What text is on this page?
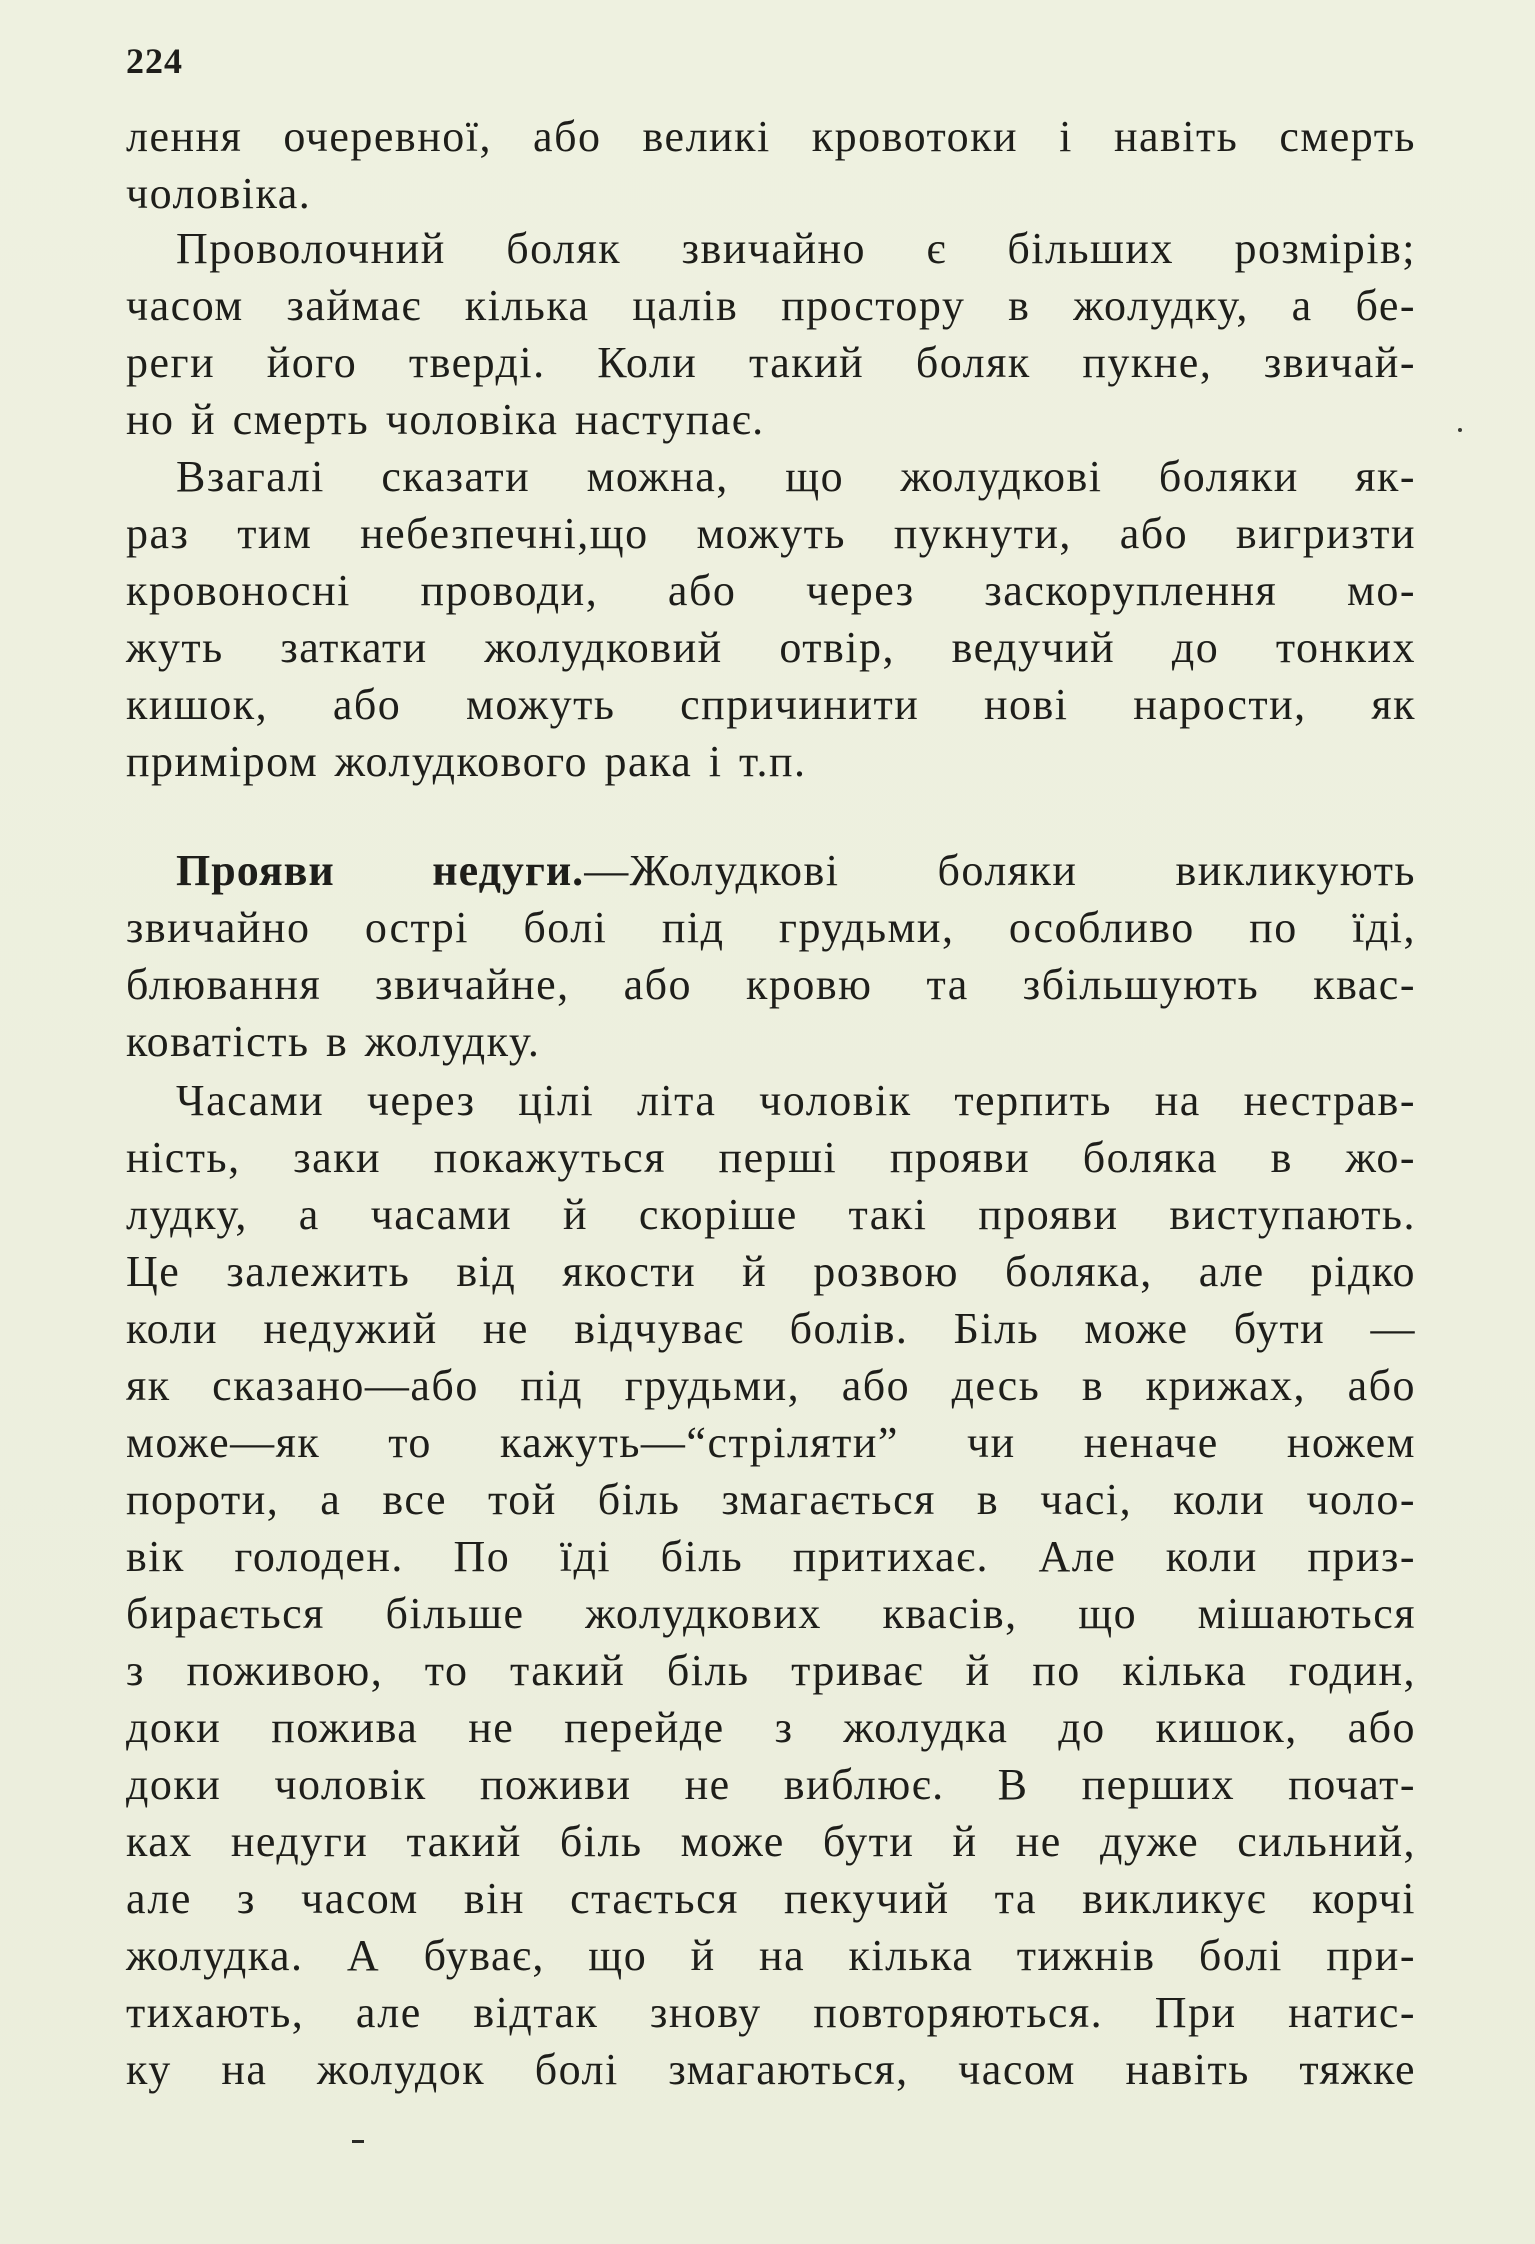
224

лення очеревної, або великі кровотоки і навіть смерть
чоловіка.
Проволочний боляк звичайно є більших розмірів;
часом займає кілька цалів простору в жолудку, а бе-
реги його тверді. Коли такий боляк пукне, звичай-
но й смерть чоловіка наступає.
Взагалі сказати можна, що жолудкові боляки як-
раз тим небезпечні,що можуть пукнути, або вигризти
кровоносні проводи, або через заскоруплення мо-
жуть заткати жолудковий отвір, ведучий до тонких
кишок, або можуть спричинити нові нарости, як
приміром жолудкового рака і т.п.
Прояви недуги.—Жолудкові боляки викликують
звичайно острі болі під грудьми, особливо по їді,
блювання звичайне, або кровю та збільшують квас-
коватість в жолудку.
Часами через цілі літа чоловік терпить на нестрав-
ність, заки покажуться перші прояви боляка в жо-
лудку, а часами й скоріше такі прояви виступають.
Це залежить від якости й розвою боляка, але рідко
коли недужий не відчуває болів. Біль може бути —
як сказано—або під грудьми, або десь в крижах, або
може—як то кажуть—“стріляти” чи неначе ножем
пороти, а все той біль змагається в часі, коли чоло-
вік голоден. По їді біль притихає. Але коли приз-
бирається більше жолудкових квасів, що мішаються
з поживою, то такий біль триває й по кілька годин,
доки пожива не перейде з жолудка до кишок, або
доки чоловік поживи не виблює. В перших почат-
ках недуги такий біль може бути й не дуже сильний,
але з часом він стається пекучий та викликує корчі
жолудка. А буває, що й на кілька тижнів болі при-
тихають, але відтак знову повторяються. При натис-
ку на жолудок болі змагаються, часом навіть тяжке
